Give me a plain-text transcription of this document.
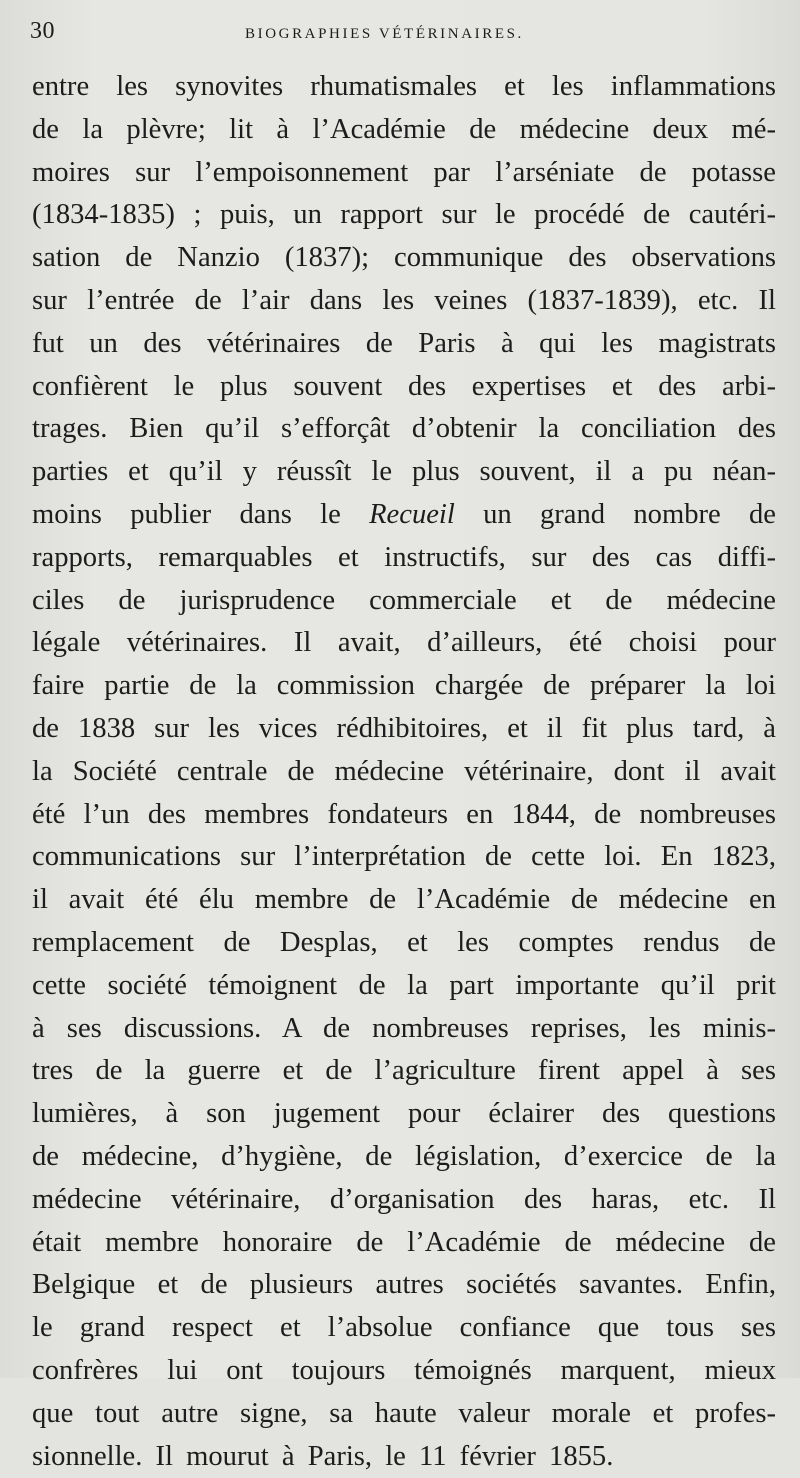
30	BIOGRAPHIES VÉTÉRINAIRES.
entre les synovites rhumatismales et les inflammations
de la plèvre; lit à l’Académie de médecine deux mé-
moires sur l’empoisonnement par l’arséniate de potasse
(1834-1835) ; puis, un rapport sur le procédé de cautéri-
sation de Nanzio (1837); communique des observations
sur l’entrée de l’air dans les veines (1837-1839), etc. Il
fut un des vétérinaires de Paris à qui les magistrats
confièrent le plus souvent des expertises et des arbi-
trages. Bien qu’il s’efforçât d’obtenir la conciliation des
parties et qu’il y réussît le plus souvent, il a pu néan-
moins publier dans le Recueil un grand nombre de
rapports, remarquables et instructifs, sur des cas diffi-
ciles de jurisprudence commerciale et de médecine
légale vétérinaires. Il avait, d’ailleurs, été choisi pour
faire partie de la commission chargée de préparer la loi
de 1838 sur les vices rédhibitoires, et il fit plus tard, à
la Société centrale de médecine vétérinaire, dont il avait
été l’un des membres fondateurs en 1844, de nombreuses
communications sur l’interprétation de cette loi. En 1823,
il avait été élu membre de l’Académie de médecine en
remplacement de Desplas, et les comptes rendus de
cette société témoignent de la part importante qu’il prit
à ses discussions. A de nombreuses reprises, les minis-
tres de la guerre et de l’agriculture firent appel à ses
lumières, à son jugement pour éclairer des questions
de médecine, d’hygiène, de législation, d’exercice de la
médecine vétérinaire, d’organisation des haras, etc. Il
était membre honoraire de l’Académie de médecine de
Belgique et de plusieurs autres sociétés savantes. Enfin,
le grand respect et l’absolue confiance que tous ses
confrères lui ont toujours témoignés marquent, mieux
que tout autre signe, sa haute valeur morale et profes-
sionnelle. Il mourut à Paris, le 11 février 1855.
